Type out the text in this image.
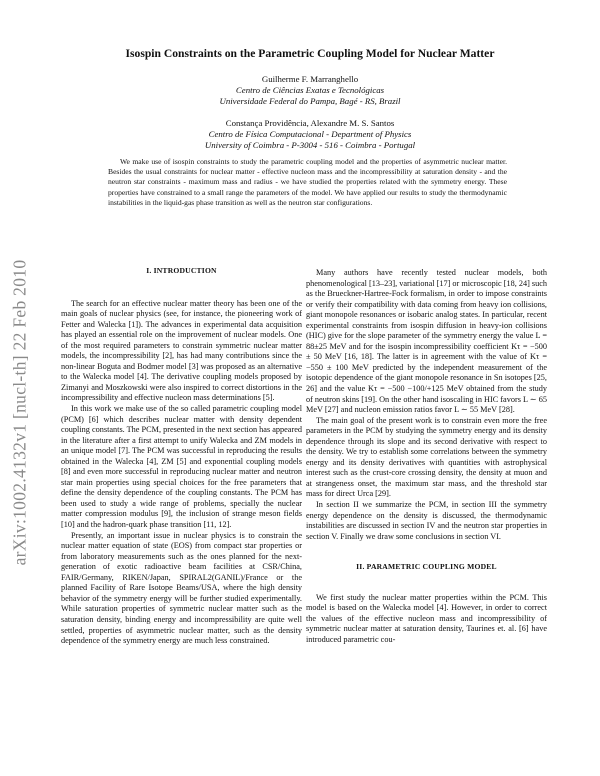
arXiv:1002.4132v1 [nucl-th] 22 Feb 2010
Isospin Constraints on the Parametric Coupling Model for Nuclear Matter
Guilherme F. Marranghello
Centro de Ciências Exatas e Tecnológicas
Universidade Federal do Pampa, Bagé - RS, Brazil
Constança Providência, Alexandre M. S. Santos
Centro de Física Computacional - Department of Physics
University of Coimbra - P-3004 - 516 - Coimbra - Portugal
We make use of isospin constraints to study the parametric coupling model and the properties of asymmetric nuclear matter. Besides the usual constraints for nuclear matter - effective nucleon mass and the incompressibility at saturation density - and the neutron star constraints - maximum mass and radius - we have studied the properties related with the symmetry energy. These properties have constrained to a small range the parameters of the model. We have applied our results to study the thermodynamic instabilities in the liquid-gas phase transition as well as the neutron star configurations.
I. INTRODUCTION

The search for an effective nuclear matter theory has been one of the main goals of nuclear physics (see, for instance, the pioneering work of Fetter and Walecka [1]). The advances in experimental data acquisition has played an essential role on the improvement of nuclear models. One of the most required parameters to constrain symmetric nuclear matter models, the incompressibility [2], has had many contributions since the non-linear Boguta and Bodmer model [3] was proposed as an alternative to the Walecka model [4]. The derivative coupling models proposed by Zimanyi and Moszkowski were also inspired to correct distortions in the incompressibility and effective nucleon mass determinations [5].

In this work we make use of the so called parametric coupling model (PCM) [6] which describes nuclear matter with density dependent coupling constants. The PCM, presented in the next section has appeared in the literature after a first attempt to unify Walecka and ZM models in an unique model [7]. The PCM was successful in reproducing the results obtained in the Walecka [4], ZM [5] and exponential coupling models [8] and even more successful in reproducing nuclear matter and neutron star main properties using special choices for the free parameters that define the density dependence of the coupling constants. The PCM has been used to study a wide range of problems, specially the nuclear matter compression modulus [9], the inclusion of strange meson fields [10] and the hadron-quark phase transition [11, 12].

Presently, an important issue in nuclear physics is to constrain the nuclear matter equation of state (EOS) from compact star properties or from laboratory measurements such as the ones planned for the next-generation of exotic radioactive beam facilities at CSR/China, FAIR/Germany, RIKEN/Japan, SPIRAL2(GANIL)/France or the planned Facility of Rare Isotope Beams/USA, where the high density behavior of the symmetry energy will be further studied experimentally. While saturation properties of symmetric nuclear matter such as the saturation density, binding energy and incompressibility are quite well settled, properties of asymmetric nuclear matter, such as the density dependence of the symmetry energy are much less constrained.

Many authors have recently tested nuclear models, both phenomenological [13–23], variational [17] or microscopic [18, 24] such as the Brueckner-Hartree-Fock formalism, in order to impose constraints or verify their compatibility with data coming from heavy ion collisions, giant monopole resonances or isobaric analog states. In particular, recent experimental constraints from isospin diffusion in heavy-ion collisions (HIC) give for the slope parameter of the symmetry energy the value L = 88±25 MeV and for the isospin incompressibility coefficient Kτ = −500 ± 50 MeV [16, 18]. The latter is in agreement with the value of Kτ = −550 ± 100 MeV predicted by the independent measurement of the isotopic dependence of the giant monopole resonance in Sn isotopes [25, 26] and the value Kτ = −500 −100/+125 MeV obtained from the study of neutron skins [19]. On the other hand isoscaling in HIC favors L ∼ 65 MeV [27] and nucleon emission ratios favor L ∼ 55 MeV [28].

The main goal of the present work is to constrain even more the free parameters in the PCM by studying the symmetry energy and its density dependence through its slope and its second derivative with respect to the density. We try to establish some correlations between the symmetry energy and its density derivatives with quantities with astrophysical interest such as the crust-core crossing density, the density at muon and at strangeness onset, the maximum star mass, and the threshold star mass for direct Urca [29].

In section II we summarize the PCM, in section III the symmetry energy dependence on the density is discussed, the thermodynamic instabilities are discussed in section IV and the neutron star properties in section V. Finally we draw some conclusions in section VI.

II. PARAMETRIC COUPLING MODEL

We first study the nuclear matter properties within the PCM. This model is based on the Walecka model [4]. However, in order to correct the values of the effective nucleon mass and incompressibility of symmetric nuclear matter at saturation density, Taurines et. al. [6] have introduced parametric cou-
